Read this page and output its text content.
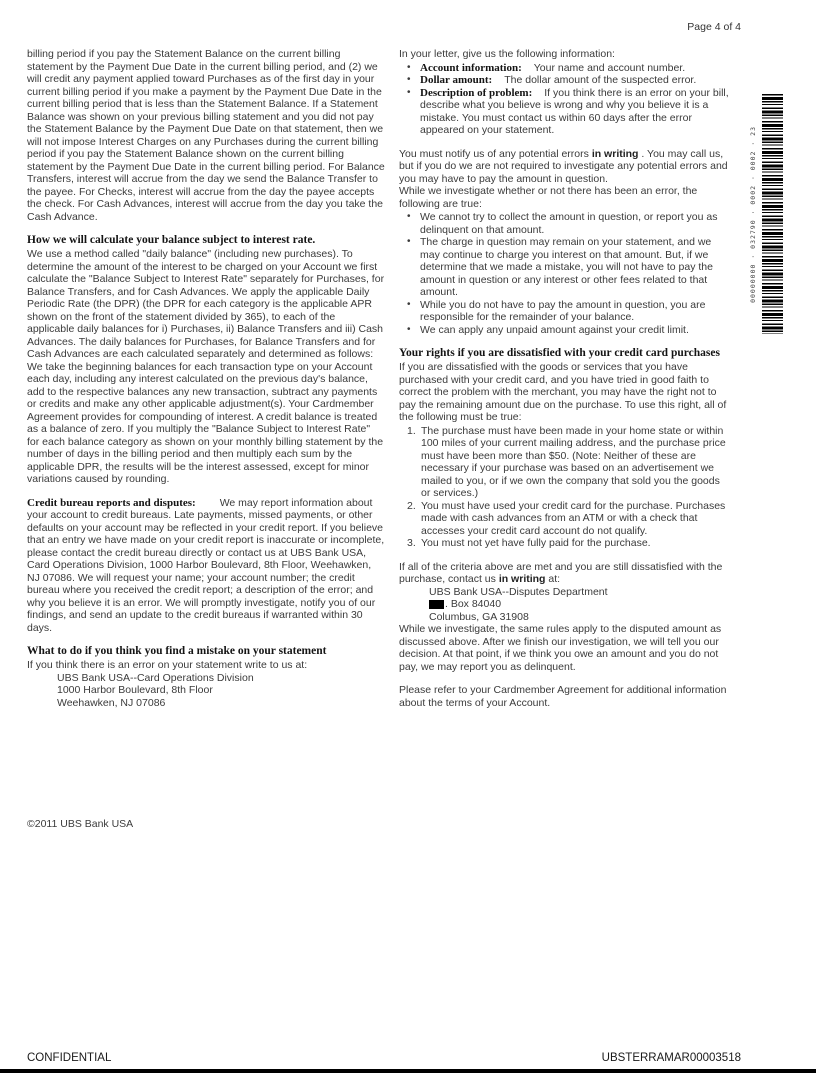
Page 4 of 4
00000000 · 032790 · 0002 · 0002 · 23

billing period if you pay the Statement Balance on the current billing statement by the Payment Due Date in the current billing period, and (2) we will credit any payment applied toward Purchases as of the first day in your current billing period if you make a payment by the Payment Due Date in the current billing period that is less than the Statement Balance. If a Statement Balance was shown on your previous billing statement and you did not pay the Statement Balance by the Payment Due Date on that statement, then we will not impose Interest Charges on any Purchases during the current billing period if you pay the Statement Balance shown on the current billing statement by the Payment Due Date in the current billing period. For Balance Transfers, interest will accrue from the day we send the Balance Transfer to the payee. For Checks, interest will accrue from the day the payee accepts the check. For Cash Advances, interest will accrue from the day you take the Cash Advance.

How we will calculate your balance subject to interest rate.

We use a method called "daily balance" (including new purchases). To determine the amount of the interest to be charged on your Account we first calculate the "Balance Subject to Interest Rate" separately for Purchases, for Balance Transfers, and for Cash Advances. We apply the applicable Daily Periodic Rate (the DPR) (the DPR for each category is the applicable APR shown on the front of the statement divided by 365), to each of the applicable daily balances for i) Purchases, ii) Balance Transfers and iii) Cash Advances. The daily balances for Purchases, for Balance Transfers and for Cash Advances are each calculated separately and determined as follows: We take the beginning balances for each transaction type on your Account each day, including any interest calculated on the previous day's balance, add to the respective balances any new transaction, subtract any payments or credits and make any other applicable adjustment(s). Your Cardmember Agreement provides for compounding of interest. A credit balance is treated as a balance of zero. If you multiply the "Balance Subject to Interest Rate" for each balance category as shown on your monthly billing statement by the number of days in the billing period and then multiply each sum by the applicable DPR, the results will be the interest assessed, except for minor variations caused by rounding.

Credit bureau reports and disputes: We may report information about your account to credit bureaus. Late payments, missed payments, or other defaults on your account may be reflected in your credit report. If you believe that an entry we have made on your credit report is inaccurate or incomplete, please contact the credit bureau directly or contact us at UBS Bank USA, Card Operations Division, 1000 Harbor Boulevard, 8th Floor, Weehawken, NJ 07086. We will request your name; your account number; the credit bureau where you received the credit report; a description of the error; and why you believe it is an error. We will promptly investigate, notify you of our findings, and send an update to the credit bureaus if warranted within 30 days.

What to do if you think you find a mistake on your statement

If you think there is an error on your statement write to us at:

UBS Bank USA--Card Operations Division
1000 Harbor Boulevard, 8th Floor
Weehawken, NJ 07086

In your letter, give us the following information:

• Account information: Your name and account number.
• Dollar amount: The dollar amount of the suspected error.
• Description of problem: If you think there is an error on your bill, describe what you believe is wrong and why you believe it is a mistake. You must contact us within 60 days after the error appeared on your statement.

You must notify us of any potential errors in writing . You may call us, but if you do we are not required to investigate any potential errors and you may have to pay the amount in question.

While we investigate whether or not there has been an error, the following are true:

• We cannot try to collect the amount in question, or report you as delinquent on that amount.
• The charge in question may remain on your statement, and we may continue to charge you interest on that amount. But, if we determine that we made a mistake, you will not have to pay the amount in question or any interest or other fees related to that amount.
• While you do not have to pay the amount in question, you are responsible for the remainder of your balance.
• We can apply any unpaid amount against your credit limit.
Your rights if you are dissatisfied with your credit card purchases

If you are dissatisfied with the goods or services that you have purchased with your credit card, and you have tried in good faith to correct the problem with the merchant, you may have the right not to pay the remaining amount due on the purchase. To use this right, all of the following must be true:

1. The purchase must have been made in your home state or within 100 miles of your current mailing address, and the purchase price must have been more than $50. (Note: Neither of these are necessary if your purchase was based on an advertisement we mailed to you, or if we own the company that sold you the goods or services.)
2. You must have used your credit card for the purchase. Purchases made with cash advances from an ATM or with a check that accesses your credit card account do not qualify.
3. You must not yet have fully paid for the purchase.

If all of the criteria above are met and you are still dissatisfied with the purchase, contact us in writing at:

UBS Bank USA--Disputes Department
. Box 84040
Columbus, GA 31908

While we investigate, the same rules apply to the disputed amount as discussed above. After we finish our investigation, we will tell you our decision. At that point, if we think you owe an amount and you do not pay, we may report you as delinquent.

Please refer to your Cardmember Agreement for additional information about the terms of your Account.

©2011 UBS Bank USA
CONFIDENTIAL	UBSTERRAMAR00003518
